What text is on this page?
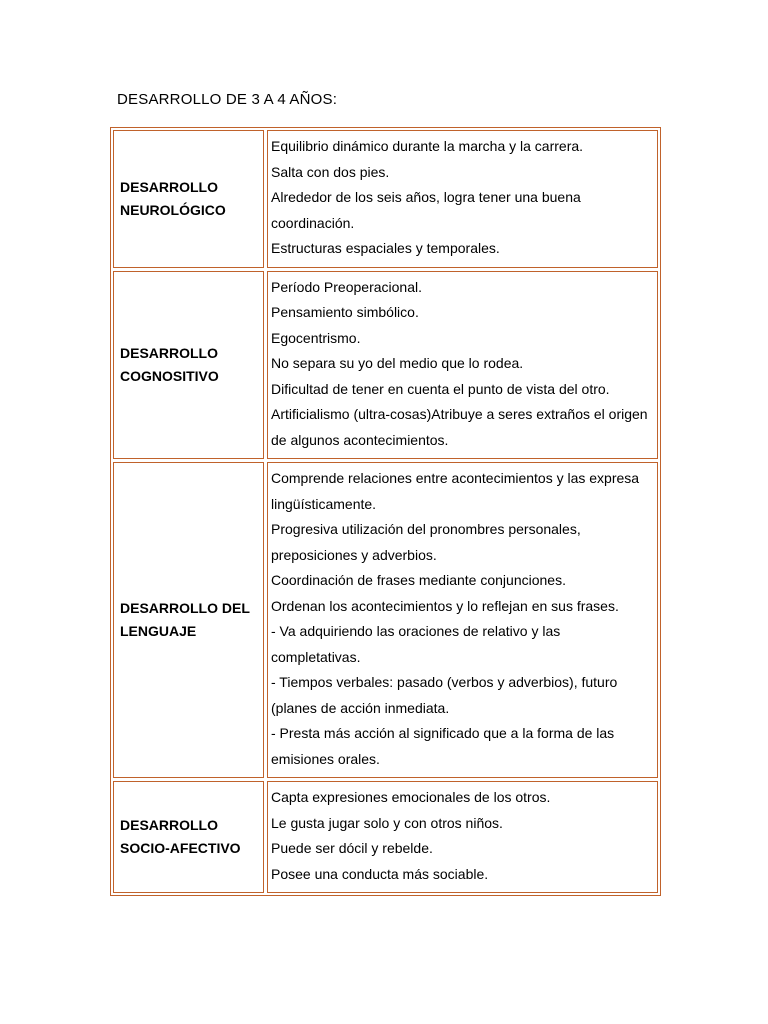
DESARROLLO DE 3 A 4 AÑOS:
DESARROLLO
NEUROLÓGICO
Equilibrio dinámico durante la marcha y la carrera.
Salta con dos pies.
Alrededor de los seis años, logra tener una buena coordinación.
Estructuras espaciales y temporales.
DESARROLLO
COGNOSITIVO
Período Preoperacional.
Pensamiento simbólico.
Egocentrismo.
No separa su yo del medio que lo rodea.
Dificultad de tener en cuenta el punto de vista del otro.
Artificialismo (ultra-cosas)Atribuye a seres extraños el origen de algunos acontecimientos.
DESARROLLO DEL
LENGUAJE
Comprende relaciones entre acontecimientos y las expresa lingüísticamente.
Progresiva utilización del pronombres personales, preposiciones y adverbios.
Coordinación de frases mediante conjunciones.
Ordenan los acontecimientos y lo reflejan en sus frases.
- Va adquiriendo las oraciones de relativo y las completativas.
- Tiempos verbales: pasado (verbos y adverbios), futuro (planes de acción inmediata.
- Presta más acción al significado que a la forma de las emisiones orales.
DESARROLLO
SOCIO-AFECTIVO
Capta expresiones emocionales de los otros.
Le gusta jugar solo y con otros niños.
Puede ser dócil y rebelde.
Posee una conducta más sociable.
